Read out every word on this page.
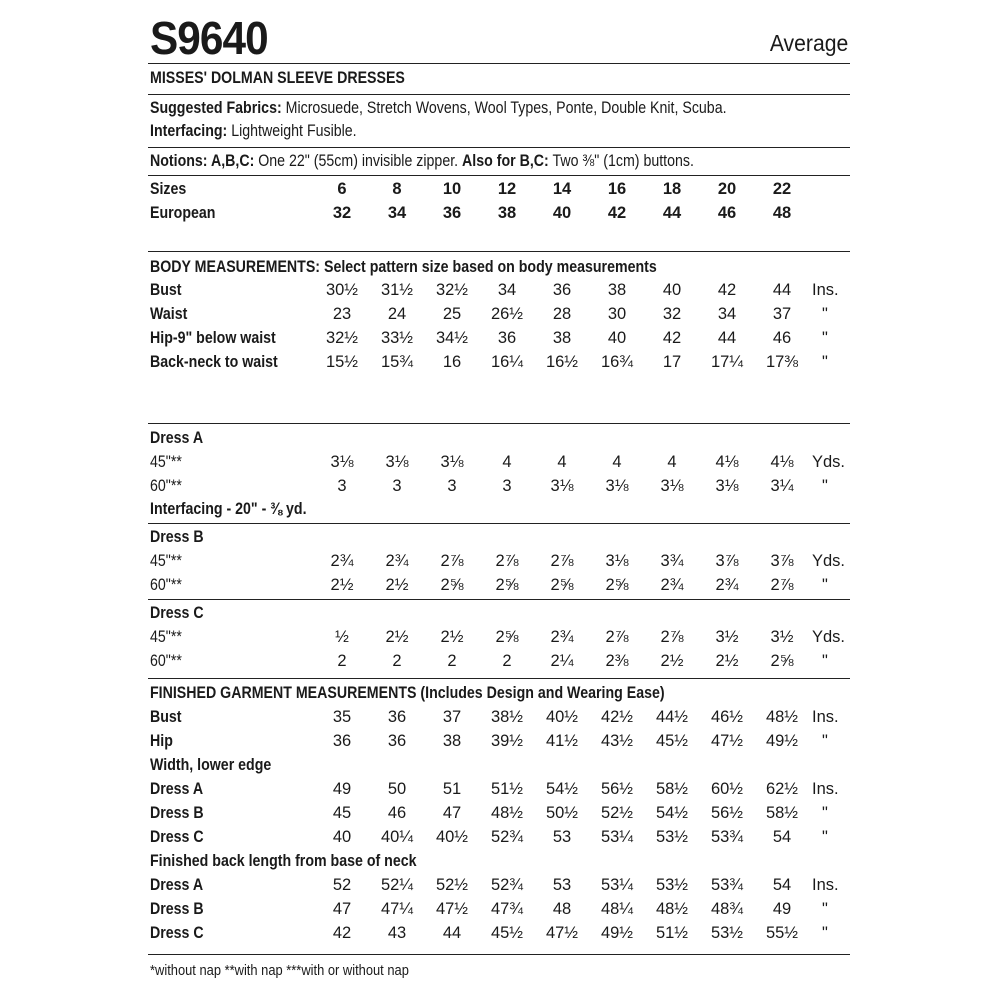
S9640	Average
MISSES' DOLMAN SLEEVE DRESSES
Suggested Fabrics: Microsuede, Stretch Wovens, Wool Types, Ponte, Double Knit, Scuba.
Interfacing: Lightweight Fusible.
Notions: A,B,C: One 22" (55cm) invisible zipper. Also for B,C: Two ⅜" (1cm) buttons.
Sizes	6	8	10	12	14	16	18	20	22
European	32	34	36	38	40	42	44	46	48
BODY MEASUREMENTS: Select pattern size based on body measurements
Bust	30½	31½	32½	34	36	38	40	42	44	Ins.
Waist	23	24	25	26½	28	30	32	34	37	"
Hip-9" below waist	32½	33½	34½	36	38	40	42	44	46	"
Back-neck to waist	15½	15¾	16	16¼	16½	16¾	17	17¼	17⅜	"
Dress A
45"**	3⅛	3⅛	3⅛	4	4	4	4	4⅛	4⅛	Yds.
60"**	3	3	3	3	3⅛	3⅛	3⅛	3⅛	3¼	"
Interfacing - 20" - ⅜ yd.
Dress B
45"**	2¾	2¾	2⅞	2⅞	2⅞	3⅛	3¾	3⅞	3⅞	Yds.
60"**	2½	2½	2⅝	2⅝	2⅝	2⅝	2¾	2¾	2⅞	"
Dress C
45"**	½	2½	2½	2⅝	2¾	2⅞	2⅞	3½	3½	Yds.
60"**	2	2	2	2	2¼	2⅜	2½	2½	2⅝	"
FINISHED GARMENT MEASUREMENTS (Includes Design and Wearing Ease)
Bust	35	36	37	38½	40½	42½	44½	46½	48½ Ins.
Hip	36	36	38	39½	41½	43½	45½	47½	49½	"
Width, lower edge
Dress A	49	50	51	51½	54½	56½	58½	60½	62½ Ins.
Dress B	45	46	47	48½	50½	52½	54½	56½	58½	"
Dress C	40	40¼	40½	52¾	53	53¼	53½	53¾	54	"
Finished back length from base of neck
Dress A	52	52¼	52½	52¾	53	53¼	53½	53¾	54	Ins.
Dress B	47	47¼	47½	47¾	48	48¼	48½	48¾	49	"
Dress C	42	43	44	45½	47½	49½	51½	53½	55½	"
*without nap **with nap ***with or without nap
